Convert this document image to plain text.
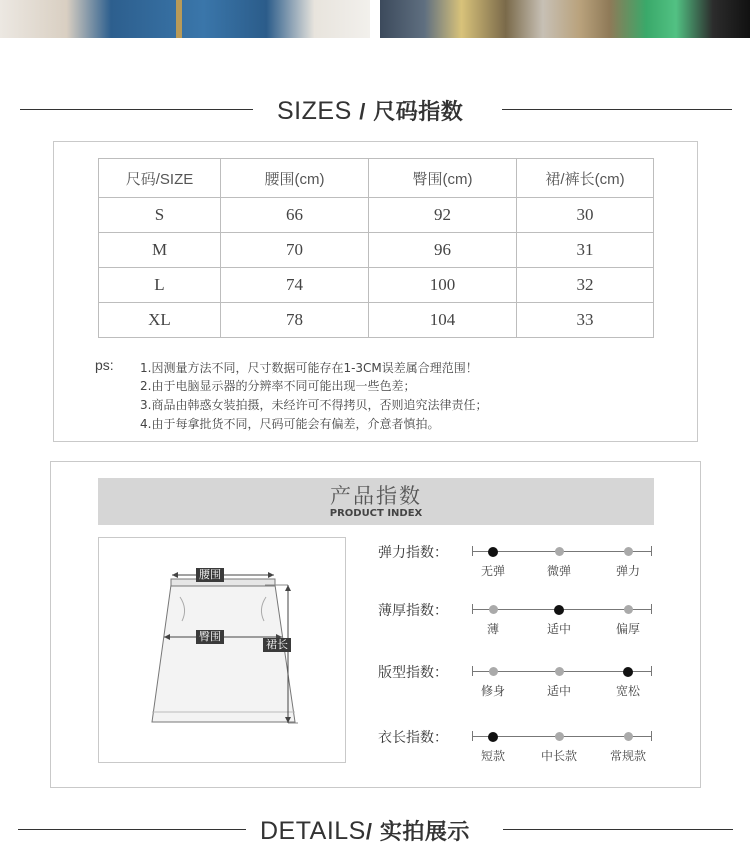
SIZES / 尺码指数
尺码/SIZE	腰围(cm)	臀围(cm)	裙/裤长(cm)
S	66	92	30
M	70	96	31
L	74	100	32
XL	78	104	33
ps: 1.因测量方法不同，尺寸数据可能存在1-3CM误差属合理范围！
2.由于电脑显示器的分辨率不同可能出现一些色差；
3.商品由韩惑女装拍摄，未经许可不得拷贝，否则追究法律责任；
4.由于每拿批货不同，尺码可能会有偏差，介意者慎拍。
产品指数
PRODUCT INDEX
腰围
臀围
裙长
弹力指数：
无弹	微弹	弹力
薄厚指数：
薄	适中	偏厚
版型指数：
修身	适中	宽松
衣长指数：
短款	中长款	常规款
DETAILS/ 实拍展示
